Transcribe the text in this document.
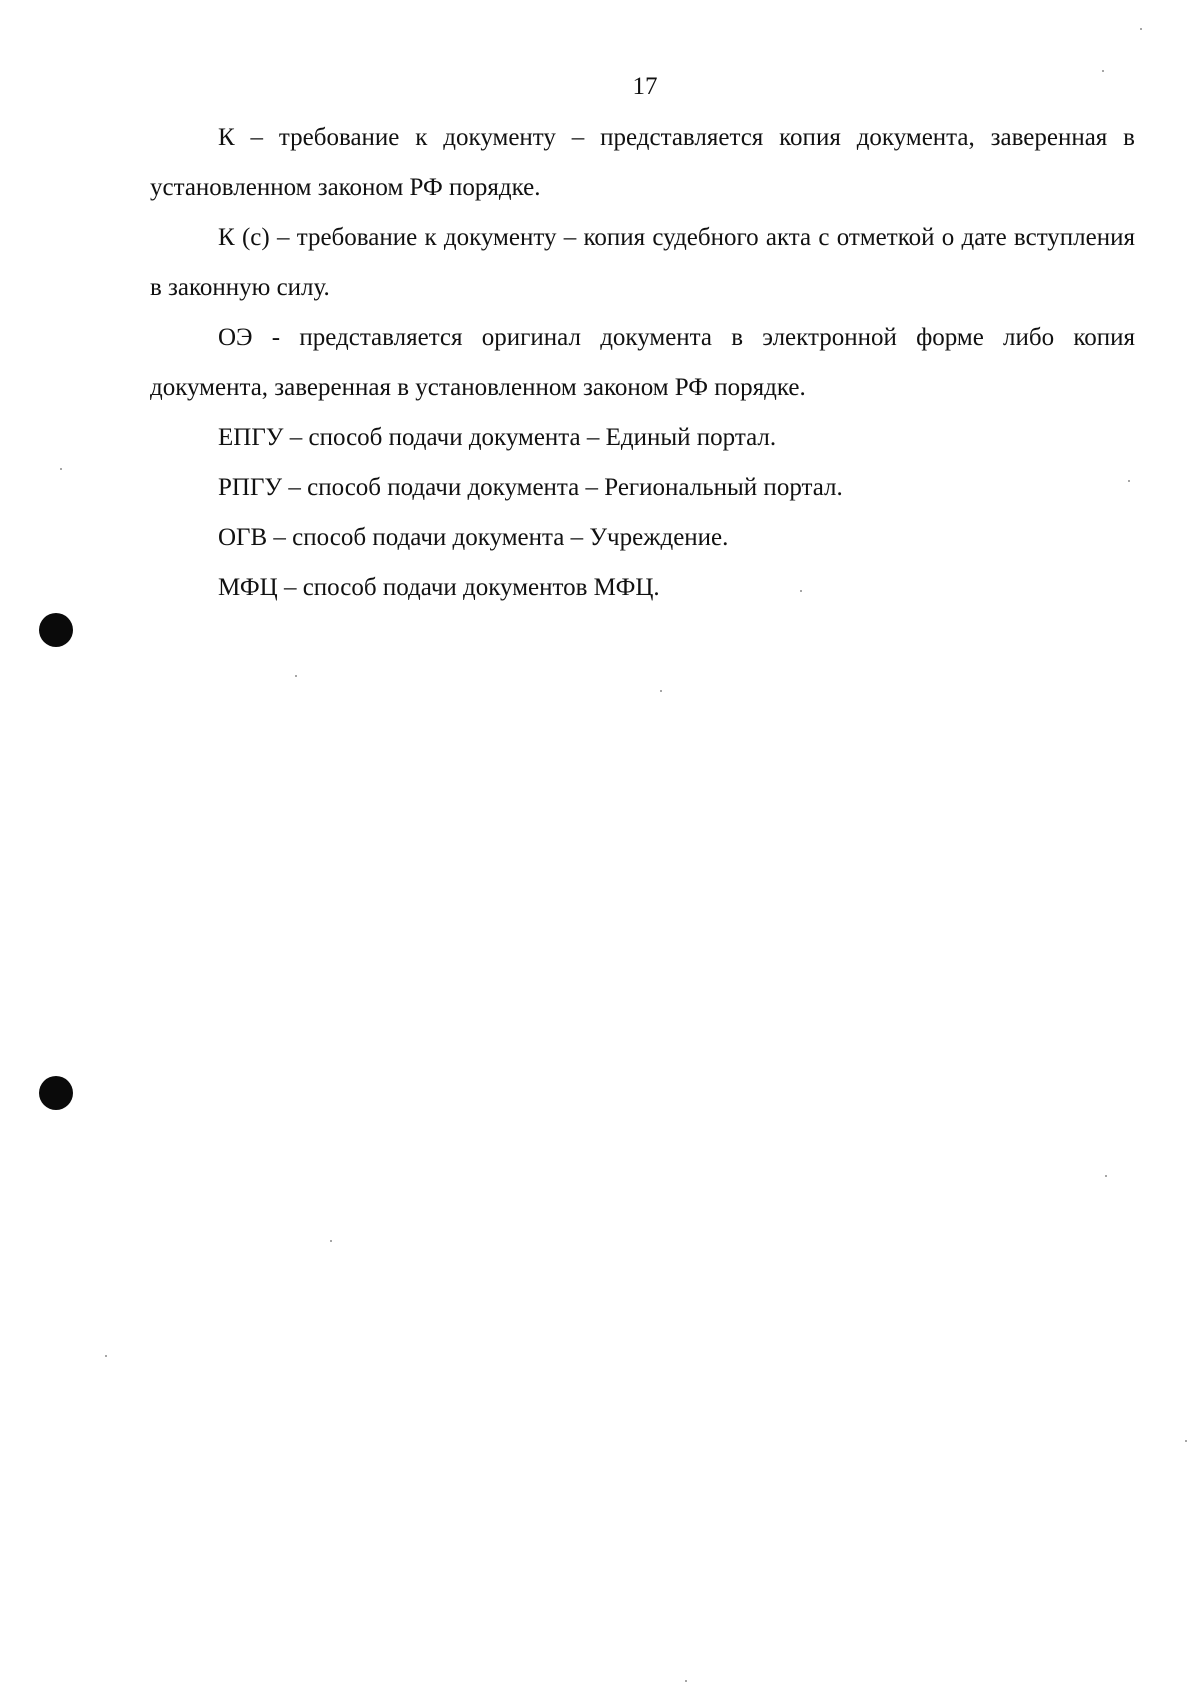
17

К – требование к документу – представляется копия документа, заверенная в установленном законом РФ порядке.

К (с) – требование к документу – копия судебного акта с отметкой о дате вступления в законную силу.

ОЭ - представляется оригинал документа в электронной форме либо копия документа, заверенная в установленном законом РФ порядке.

ЕПГУ – способ подачи документа – Единый портал.

РПГУ – способ подачи документа – Региональный портал.

ОГВ – способ подачи документа – Учреждение.

МФЦ – способ подачи документов МФЦ.
